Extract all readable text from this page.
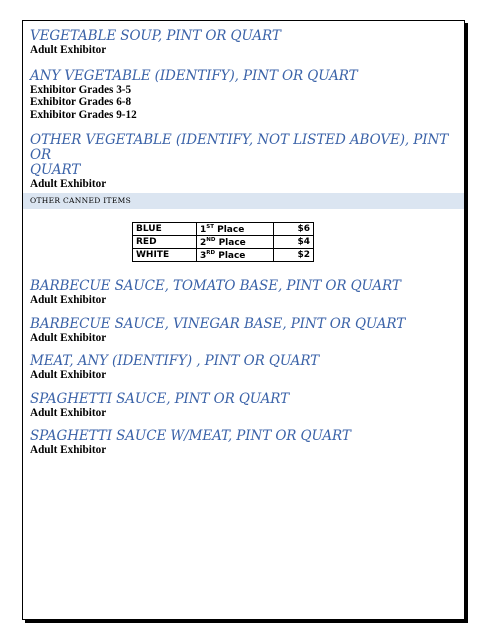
VEGETABLE SOUP, PINT OR QUART

Adult Exhibitor

ANY VEGETABLE (IDENTIFY), PINT OR QUART

Exhibitor Grades 3-5

Exhibitor Grades 6-8

Exhibitor Grades 9-12

OTHER VEGETABLE (IDENTIFY, NOT LISTED ABOVE), PINT OR

QUART

Adult Exhibitor

OTHER CANNED ITEMS
BLUE	1ST Place	$6
RED	2ND Place	$4
WHITE	3RD Place	$2

BARBECUE SAUCE, TOMATO BASE, PINT OR QUART

Adult Exhibitor

BARBECUE SAUCE, VINEGAR BASE, PINT OR QUART

Adult Exhibitor

MEAT, ANY (IDENTIFY) , PINT OR QUART

Adult Exhibitor

SPAGHETTI SAUCE, PINT OR QUART

Adult Exhibitor

SPAGHETTI SAUCE W/MEAT, PINT OR QUART

Adult Exhibitor
